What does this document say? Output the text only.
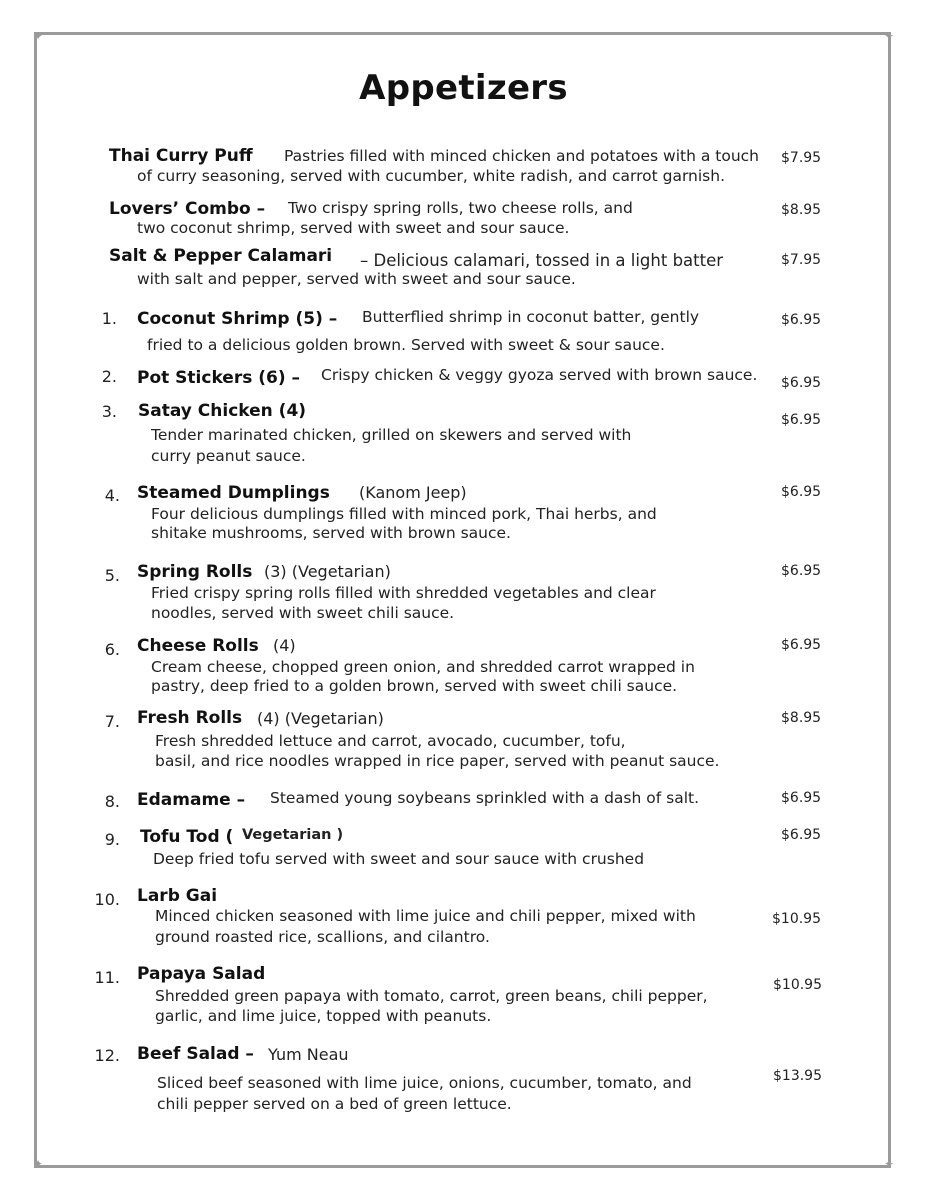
✦	✦
✦	✦
Appetizers
Thai Curry Puff Pastries filled with minced chicken and potatoes with a touch
of curry seasoning, served with cucumber, white radish, and carrot garnish.
$7.95
Lovers’ Combo – Two crispy spring rolls, two cheese rolls, and
two coconut shrimp, served with sweet and sour sauce.
$8.95
Salt & Pepper Calamari – Delicious calamari, tossed in a light batter
with salt and pepper, served with sweet and sour sauce.
$7.95
1. Coconut Shrimp (5) – Butterflied shrimp in coconut batter, gently
fried to a delicious golden brown. Served with sweet & sour sauce.
$6.95
2. Pot Stickers (6) – Crispy chicken & veggy gyoza served with brown sauce. $6.95
3. Satay Chicken (4)
Tender marinated chicken, grilled on skewers and served with
curry peanut sauce.
$6.95
4. Steamed Dumplings (Kanom Jeep)
Four delicious dumplings filled with minced pork, Thai herbs, and
shitake mushrooms, served with brown sauce.
$6.95
5. Spring Rolls (3) (Vegetarian)
Fried crispy spring rolls filled with shredded vegetables and clear
noodles, served with sweet chili sauce.
$6.95
6. Cheese Rolls (4)
Cream cheese, chopped green onion, and shredded carrot wrapped in
pastry, deep fried to a golden brown, served with sweet chili sauce.
$6.95
7. Fresh Rolls (4) (Vegetarian)
Fresh shredded lettuce and carrot, avocado, cucumber, tofu,
basil, and rice noodles wrapped in rice paper, served with peanut sauce.
$8.95
8. Edamame – Steamed young soybeans sprinkled with a dash of salt.	$6.95
9. Tofu Tod ( Vegetarian )
Deep fried tofu served with sweet and sour sauce with crushed
$6.95
10. Larb Gai
Minced chicken seasoned with lime juice and chili pepper, mixed with
ground roasted rice, scallions, and cilantro.
$10.95
11. Papaya Salad
Shredded green papaya with tomato, carrot, green beans, chili pepper,
garlic, and lime juice, topped with peanuts.
$10.95
12. Beef Salad – Yum Neau
Sliced beef seasoned with lime juice, onions, cucumber, tomato, and
chili pepper served on a bed of green lettuce.
$13.95
